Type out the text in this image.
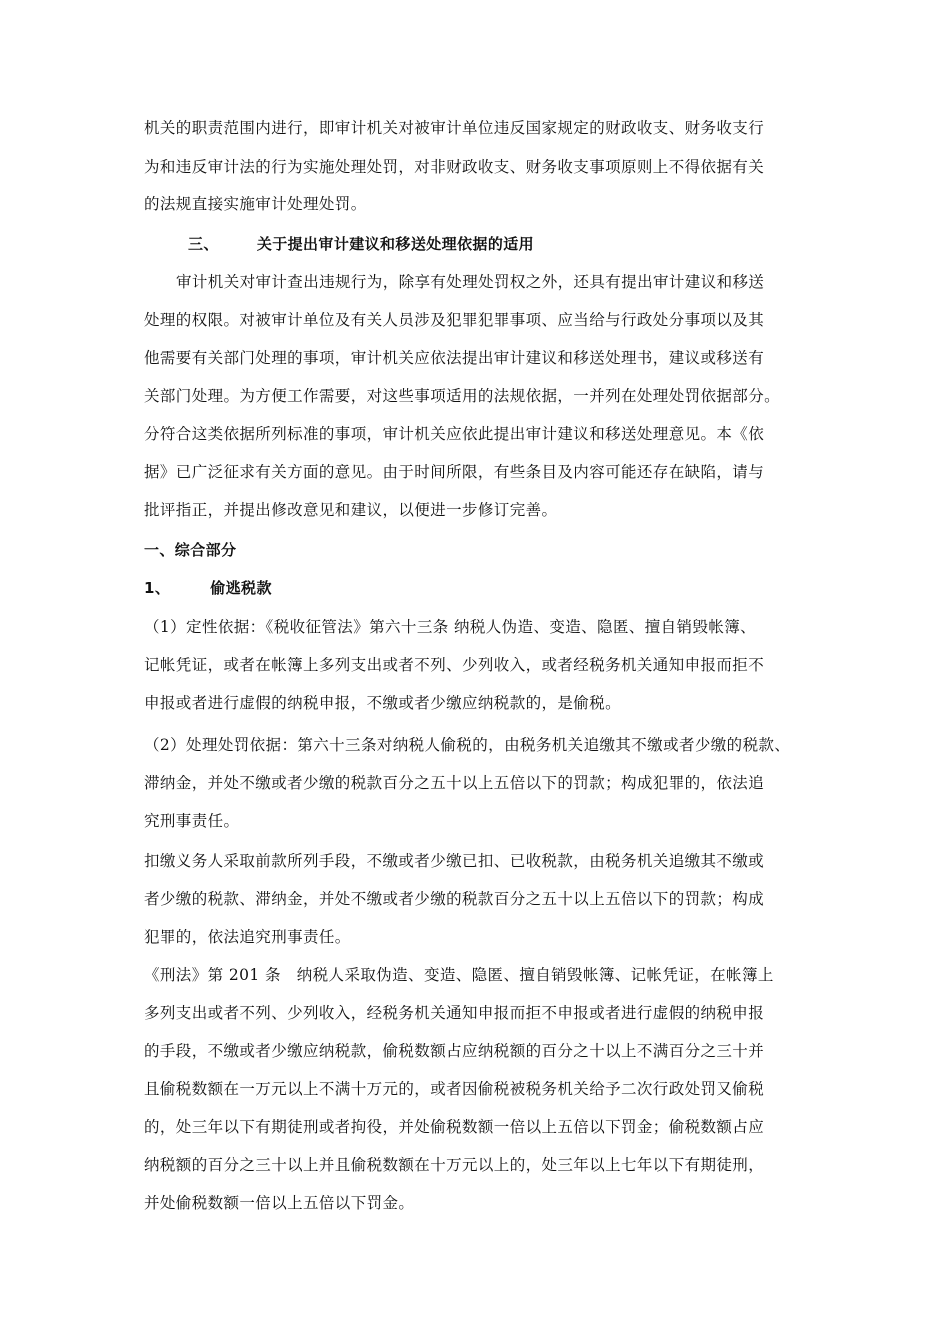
机关的职责范围内进行，即审计机关对被审计单位违反国家规定的财政收支、财务收支行
为和违反审计法的行为实施处理处罚，对非财政收支、财务收支事项原则上不得依据有关
的法规直接实施审计处理处罚。
三、	关于提出审计建议和移送处理依据的适用
审计机关对审计查出违规行为，除享有处理处罚权之外，还具有提出审计建议和移送
处理的权限。对被审计单位及有关人员涉及犯罪犯罪事项、应当给与行政处分事项以及其
他需要有关部门处理的事项，审计机关应依法提出审计建议和移送处理书，建议或移送有
关部门处理。为方便工作需要，对这些事项适用的法规依据，一并列在处理处罚依据部分。
分符合这类依据所列标准的事项，审计机关应依此提出审计建议和移送处理意见。本《依
据》已广泛征求有关方面的意见。由于时间所限，有些条目及内容可能还存在缺陷，请与
批评指正，并提出修改意见和建议，以便进一步修订完善。
一、综合部分
1、	偷逃税款
（1）定性依据：《税收征管法》第六十三条 纳税人伪造、变造、隐匿、擅自销毁帐簿、
记帐凭证，或者在帐簿上多列支出或者不列、少列收入，或者经税务机关通知申报而拒不
申报或者进行虚假的纳税申报，不缴或者少缴应纳税款的，是偷税。
（2）处理处罚依据：第六十三条对纳税人偷税的，由税务机关追缴其不缴或者少缴的税款、
滞纳金，并处不缴或者少缴的税款百分之五十以上五倍以下的罚款；构成犯罪的，依法追
究刑事责任。
扣缴义务人采取前款所列手段，不缴或者少缴已扣、已收税款，由税务机关追缴其不缴或
者少缴的税款、滞纳金，并处不缴或者少缴的税款百分之五十以上五倍以下的罚款；构成
犯罪的，依法追究刑事责任。
《刑法》第 201 条　纳税人采取伪造、变造、隐匿、擅自销毁帐簿、记帐凭证，在帐簿上
多列支出或者不列、少列收入，经税务机关通知申报而拒不申报或者进行虚假的纳税申报
的手段，不缴或者少缴应纳税款，偷税数额占应纳税额的百分之十以上不满百分之三十并
且偷税数额在一万元以上不满十万元的，或者因偷税被税务机关给予二次行政处罚又偷税
的，处三年以下有期徒刑或者拘役，并处偷税数额一倍以上五倍以下罚金；偷税数额占应
纳税额的百分之三十以上并且偷税数额在十万元以上的，处三年以上七年以下有期徒刑，
并处偷税数额一倍以上五倍以下罚金。
